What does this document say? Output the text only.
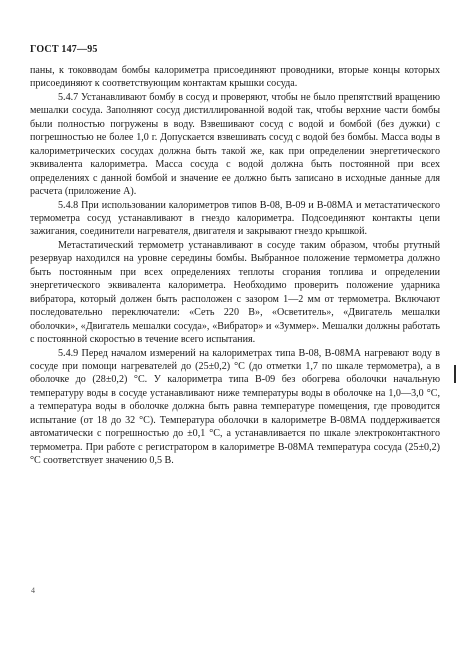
ГОСТ 147—95

паны, к токовводам бомбы калориметра присоединяют проводники, вторые концы которых присоединяют к соответствующим контактам крышки сосуда.

5.4.7 Устанавливают бомбу в сосуд и проверяют, чтобы не было препятствий вращению мешалки сосуда. Заполняют сосуд дистиллированной водой так, чтобы верхние части бомбы были полностью погружены в воду. Взвешивают сосуд с водой и бомбой (без дужки) с погрешностью не более 1,0 г. Допускается взвешивать сосуд с водой без бомбы. Масса воды в калориметрических сосудах должна быть такой же, как при определении энергетического эквивалента калориметра. Масса сосуда с водой должна быть постоянной при всех определениях с данной бомбой и значение ее должно быть записано в исходные данные для расчета (приложение А).

5.4.8 При использовании калориметров типов В-08, В-09 и В-08МА и метастатического термометра сосуд устанавливают в гнездо калориметра. Подсоединяют контакты цепи зажигания, соединители нагревателя, двигателя и закрывают гнездо крышкой.

Метастатический термометр устанавливают в сосуде таким образом, чтобы ртутный резервуар находился на уровне середины бомбы. Выбранное положение термометра должно быть постоянным при всех определениях теплоты сгорания топлива и определении энергетического эквивалента калориметра. Необходимо проверить положение ударника вибратора, который должен быть расположен с зазором 1—2 мм от термометра. Включают последовательно переключатели: «Сеть 220 В», «Осветитель», «Двигатель мешалки оболочки», «Двигатель мешалки сосуда», «Вибратор» и «Зуммер». Мешалки должны работать с постоянной скоростью в течение всего испытания.

5.4.9 Перед началом измерений на калориметрах типа В-08, В-08МА нагревают воду в сосуде при помощи нагревателей до (25±0,2) °С (до отметки 1,7 по шкале термометра), а в оболочке до (28±0,2) °С. У калориметра типа В-09 без обогрева оболочки начальную температуру воды в сосуде устанавливают ниже температуры воды в оболочке на 1,0—3,0 °С, а температура воды в оболочке должна быть равна температуре помещения, где проводится испытание (от 18 до 32 °С). Температура оболочки в калориметре В-08МА поддерживается автоматически с погрешностью до ±0,1 °С, а устанавливается по шкале электроконтактного термометра. При работе с регистратором в калориметре В-08МА температура сосуда (25±0,2) °С соответствует значению 0,5 В.

4
